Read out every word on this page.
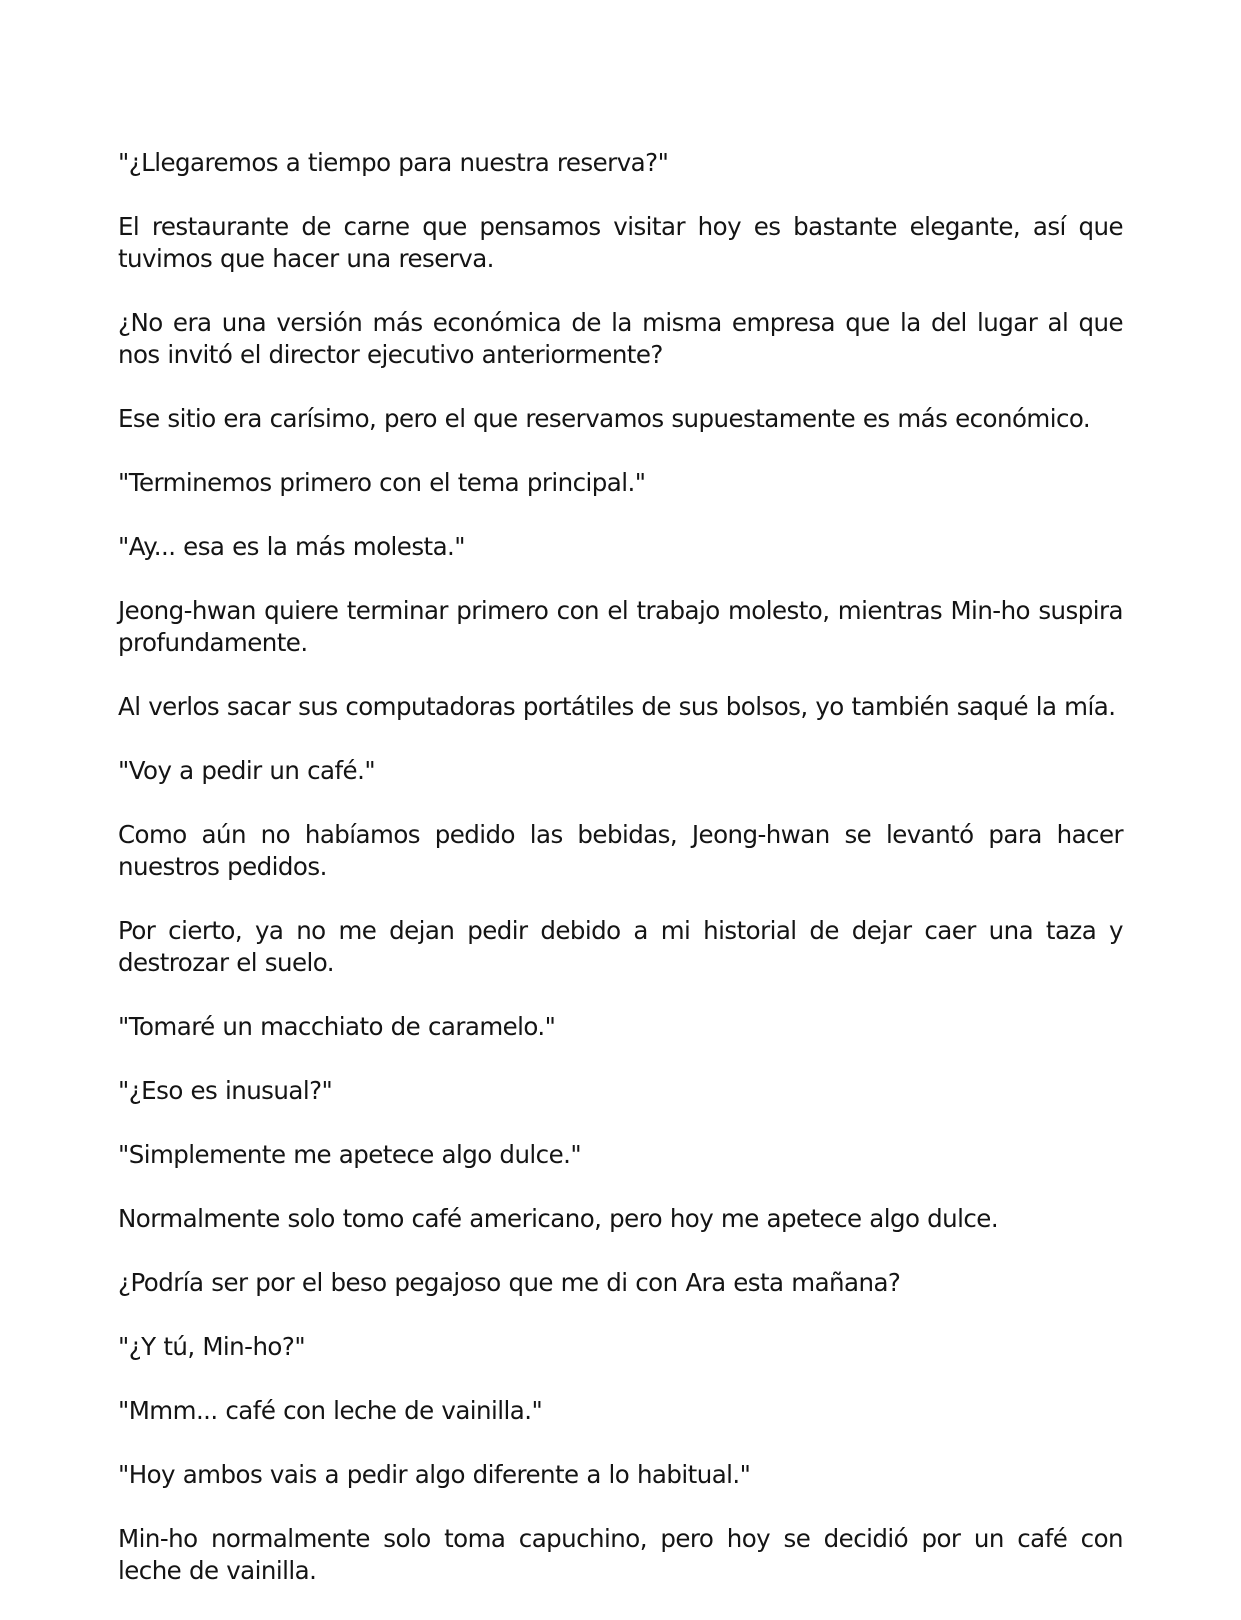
"¿Llegaremos a tiempo para nuestra reserva?"

El restaurante de carne que pensamos visitar hoy es bastante elegante, así que tuvimos que hacer una reserva.

¿No era una versión más económica de la misma empresa que la del lugar al que nos invitó el director ejecutivo anteriormente?

Ese sitio era carísimo, pero el que reservamos supuestamente es más económico.

"Terminemos primero con el tema principal."

"Ay... esa es la más molesta."

Jeong-hwan quiere terminar primero con el trabajo molesto, mientras Min-ho suspira profundamente.

Al verlos sacar sus computadoras portátiles de sus bolsos, yo también saqué la mía.

"Voy a pedir un café."

Como aún no habíamos pedido las bebidas, Jeong-hwan se levantó para hacer nuestros pedidos.

Por cierto, ya no me dejan pedir debido a mi historial de dejar caer una taza y destrozar el suelo.

"Tomaré un macchiato de caramelo."

"¿Eso es inusual?"

"Simplemente me apetece algo dulce."

Normalmente solo tomo café americano, pero hoy me apetece algo dulce.

¿Podría ser por el beso pegajoso que me di con Ara esta mañana?

"¿Y tú, Min-ho?"

"Mmm... café con leche de vainilla."

"Hoy ambos vais a pedir algo diferente a lo habitual."

Min-ho normalmente solo toma capuchino, pero hoy se decidió por un café con leche de vainilla.
